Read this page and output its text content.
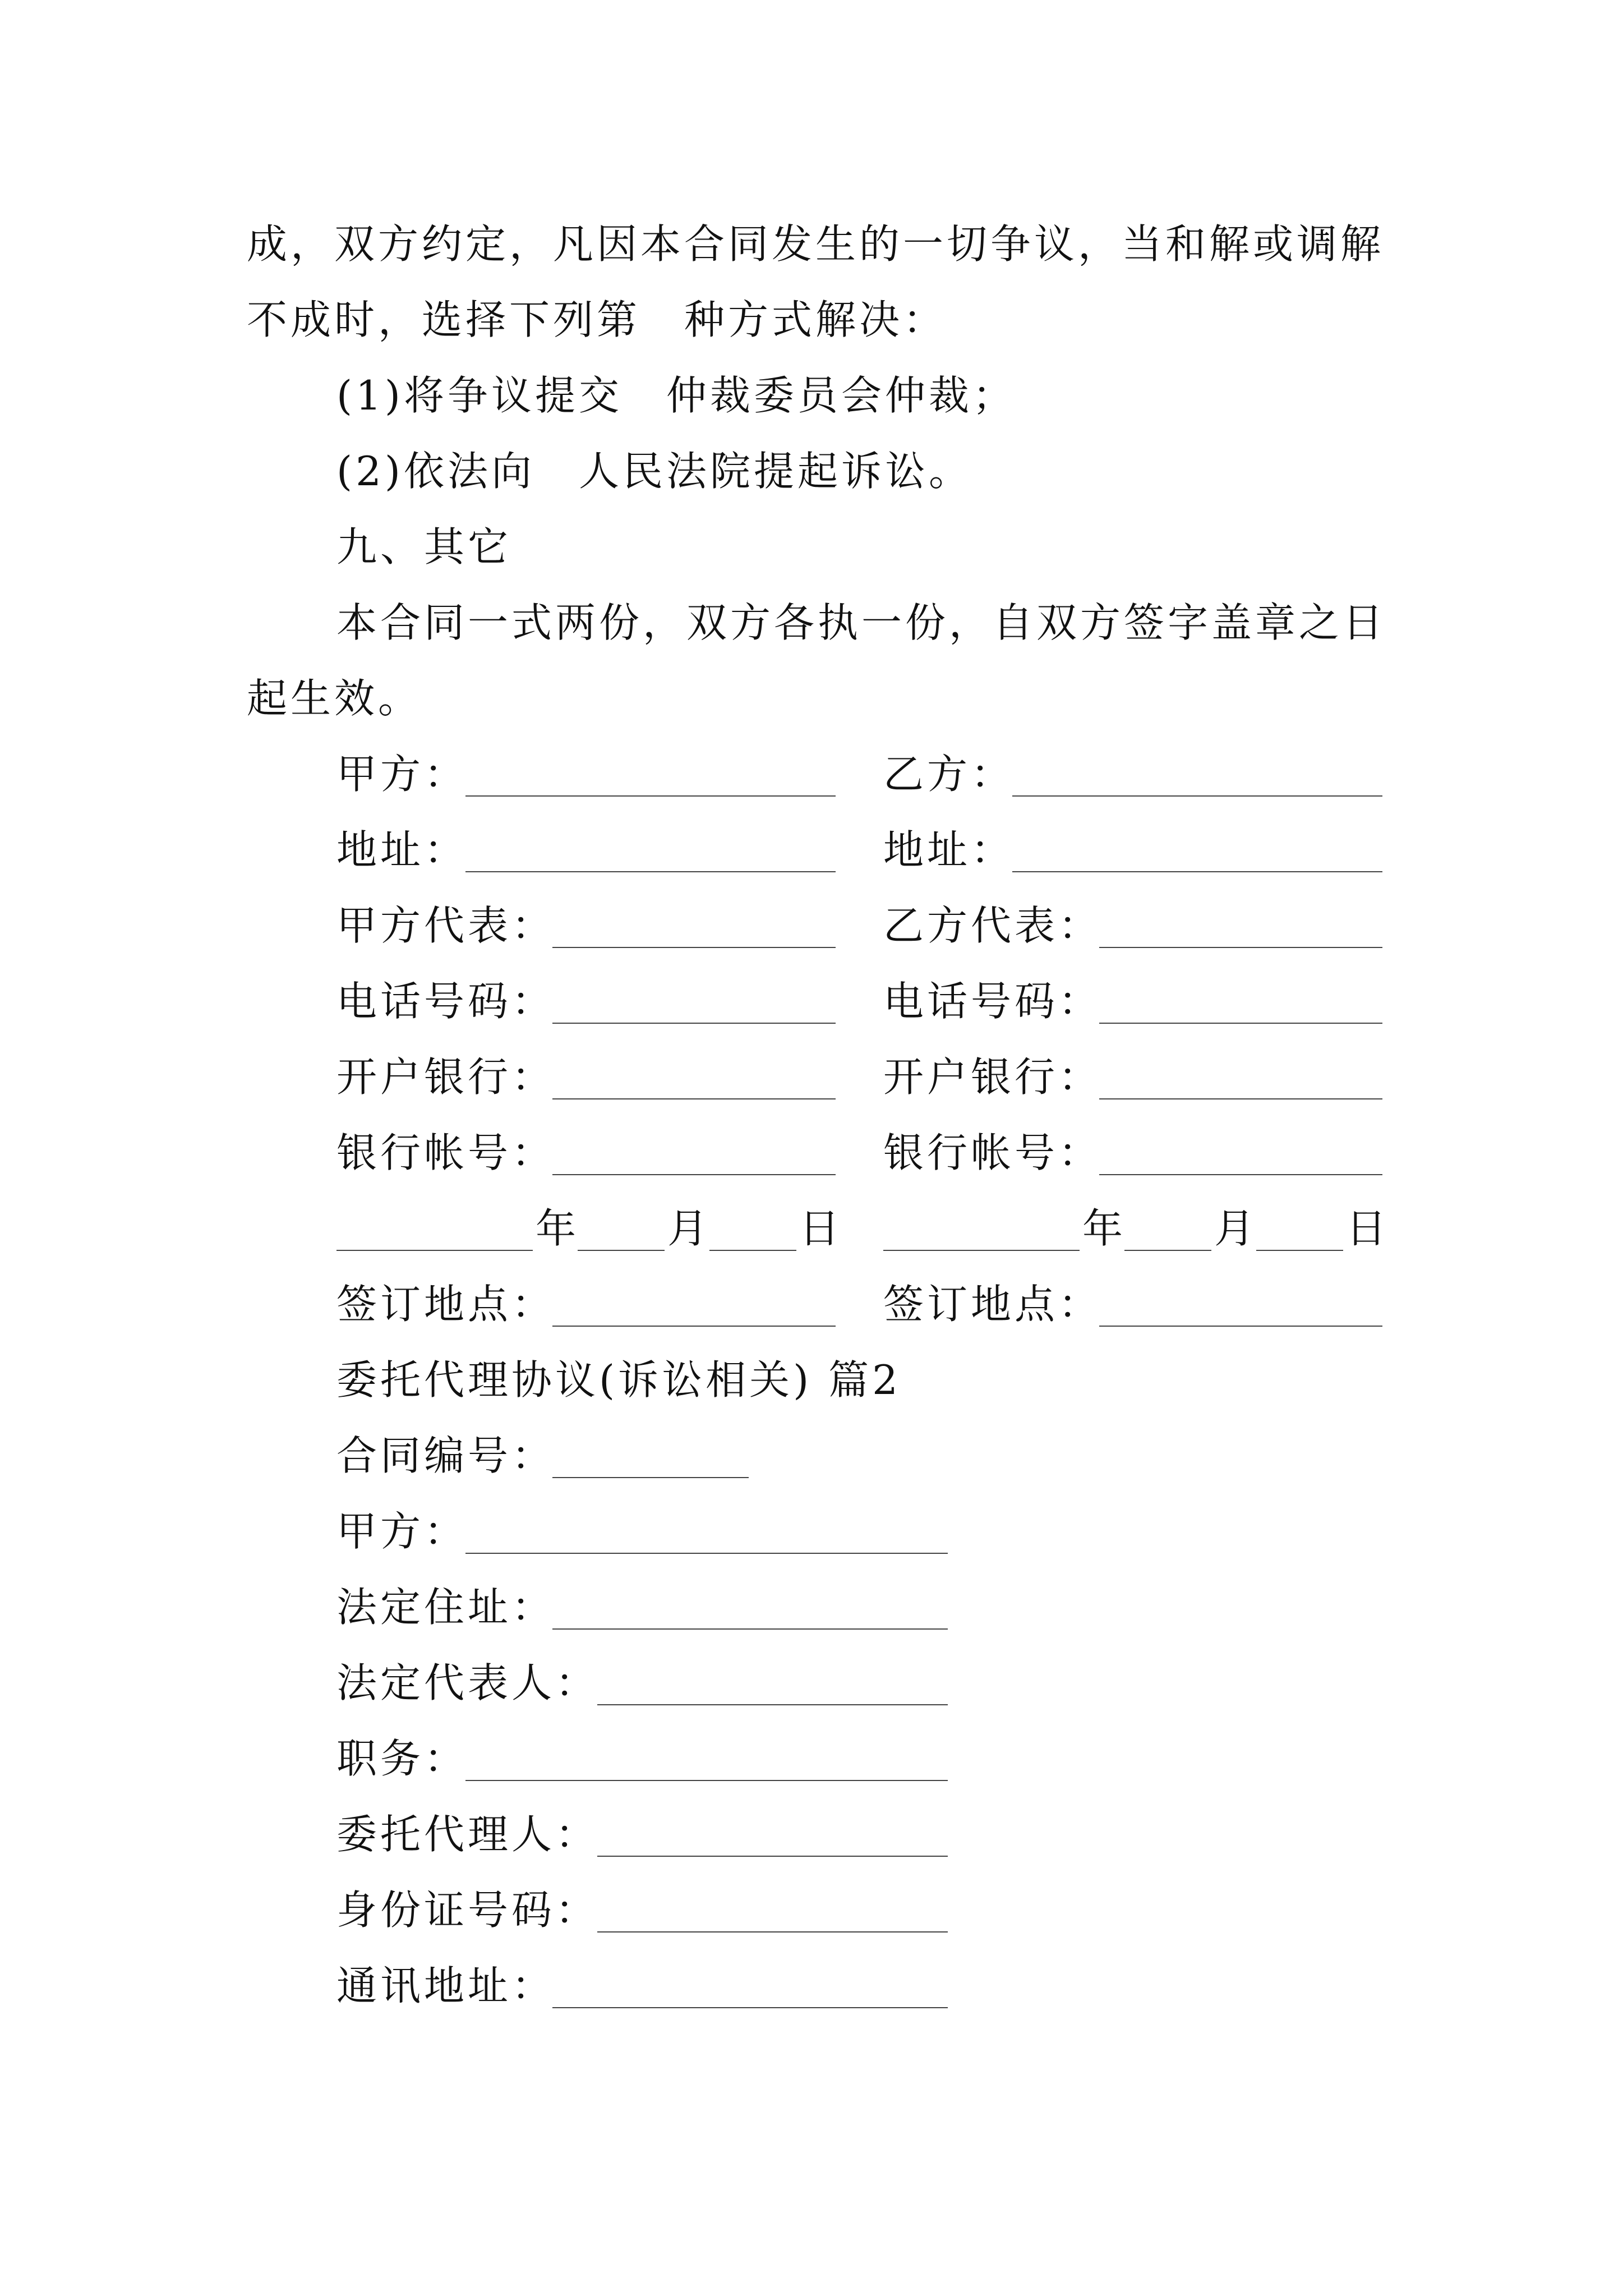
成，双方约定，凡因本合同发生的一切争议，当和解或调解
不成时，选择下列第　种方式解决：
(1)将争议提交　仲裁委员会仲裁；
(2)依法向　人民法院提起诉讼。
九、其它
本合同一式两份，双方各执一份，自双方签字盖章之日
起生效。
甲方：	乙方：
地址：	地址：
甲方代表：	乙方代表：
电话号码：	电话号码：
开户银行：	开户银行：
银行帐号：	银行帐号：
年 月 日	年 月 日
签订地点：	签订地点：
委托代理协议(诉讼相关) 篇2
合同编号：
甲方：
法定住址：
法定代表人：
职务：
委托代理人：
身份证号码：
通讯地址：
